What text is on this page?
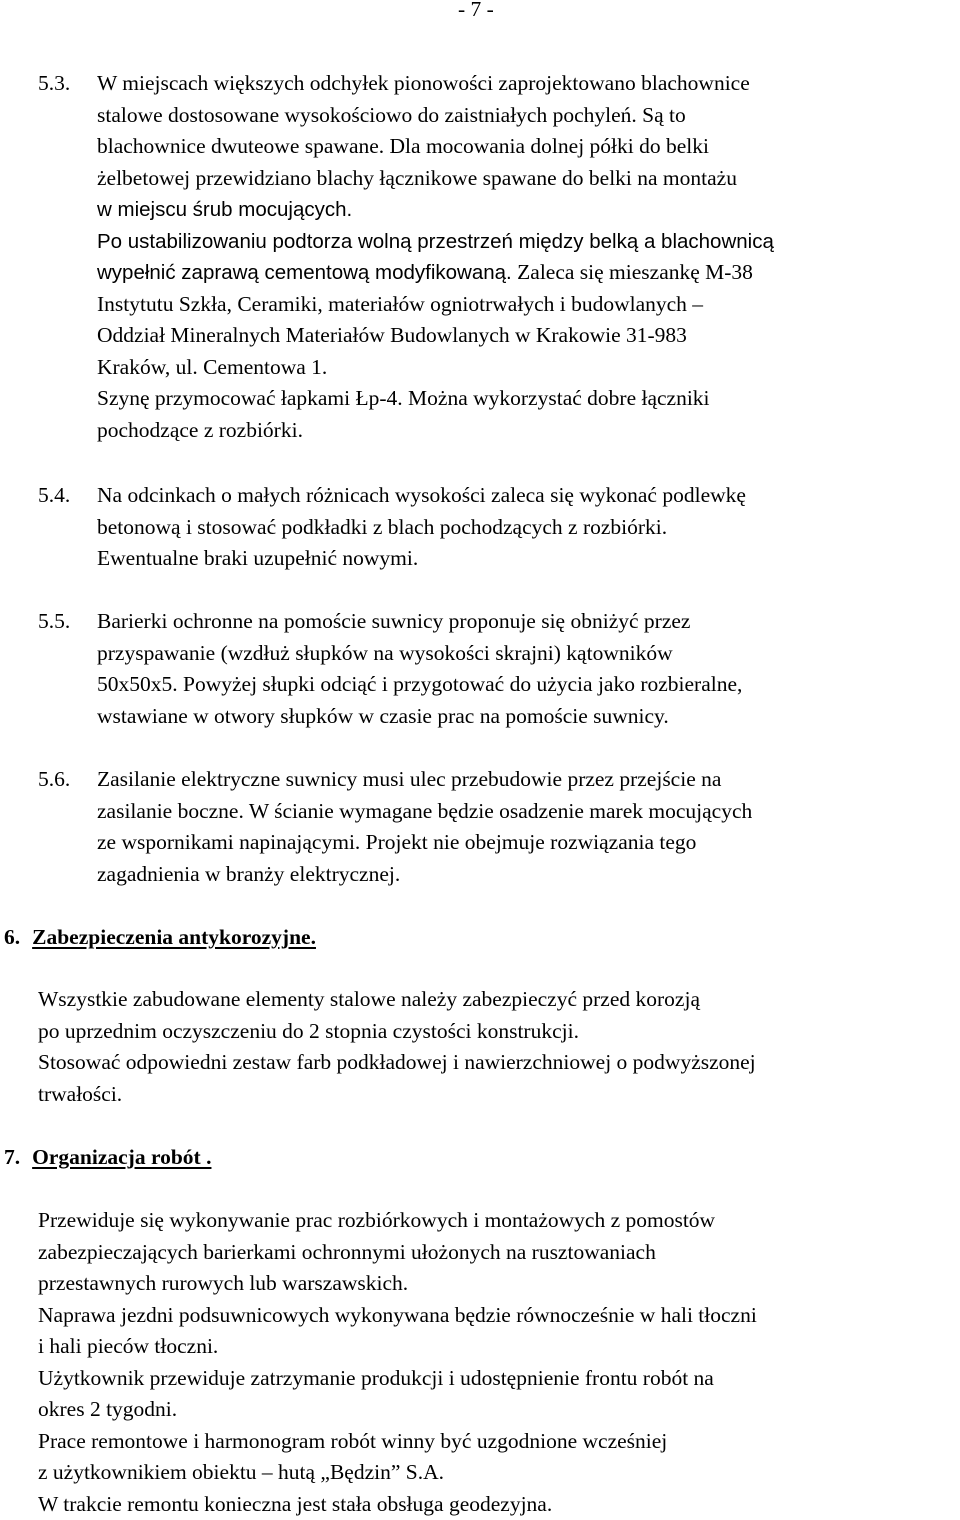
- 7 -
5.3. W miejscach większych odchyłek pionowości zaprojektowano blachownice
stalowe dostosowane wysokościowo do zaistniałych pochyleń. Są to
blachownice dwuteowe spawane. Dla mocowania dolnej półki do belki
żelbetowej przewidziano blachy łącznikowe spawane do belki na montażu
w miejscu śrub mocujących.
Po ustabilizowaniu podtorza wolną przestrzeń między belką a blachownicą
wypełnić zaprawą cementową modyfikowaną. Zaleca się mieszankę M-38
Instytutu Szkła, Ceramiki, materiałów ogniotrwałych i budowlanych –
Oddział Mineralnych Materiałów Budowlanych w Krakowie 31-983
Kraków, ul. Cementowa 1.
Szynę przymocować łapkami Łp-4. Można wykorzystać dobre łączniki
pochodzące z rozbiórki.
5.4. Na odcinkach o małych różnicach wysokości zaleca się wykonać podlewkę
betonową i stosować podkładki z blach pochodzących z rozbiórki.
Ewentualne braki uzupełnić nowymi.
5.5. Barierki ochronne na pomoście suwnicy proponuje się obniżyć przez
przyspawanie (wzdłuż słupków na wysokości skrajni) kątowników
50x50x5. Powyżej słupki odciąć i przygotować do użycia jako rozbieralne,
wstawiane w otwory słupków w czasie prac na pomoście suwnicy.
5.6. Zasilanie elektryczne suwnicy musi ulec przebudowie przez przejście na
zasilanie boczne. W ścianie wymagane będzie osadzenie marek mocujących
ze wspornikami napinającymi. Projekt nie obejmuje rozwiązania tego
zagadnienia w branży elektrycznej.
6. Zabezpieczenia antykorozyjne.
Wszystkie zabudowane elementy stalowe należy zabezpieczyć przed korozją
po uprzednim oczyszczeniu do 2 stopnia czystości konstrukcji.
Stosować odpowiedni zestaw farb podkładowej i nawierzchniowej o podwyższonej
trwałości.
7. Organizacja robót .
Przewiduje się wykonywanie prac rozbiórkowych i montażowych z pomostów
zabezpieczających barierkami ochronnymi ułożonych na rusztowaniach
przestawnych rurowych lub warszawskich.
Naprawa jezdni podsuwnicowych wykonywana będzie równocześnie w hali tłoczni
i hali pieców tłoczni.
Użytkownik przewiduje zatrzymanie produkcji i udostępnienie frontu robót na
okres 2 tygodni.
Prace remontowe i harmonogram robót winny być uzgodnione wcześniej
z użytkownikiem obiektu – hutą „Będzin” S.A.
W trakcie remontu konieczna jest stała obsługa geodezyjna.
